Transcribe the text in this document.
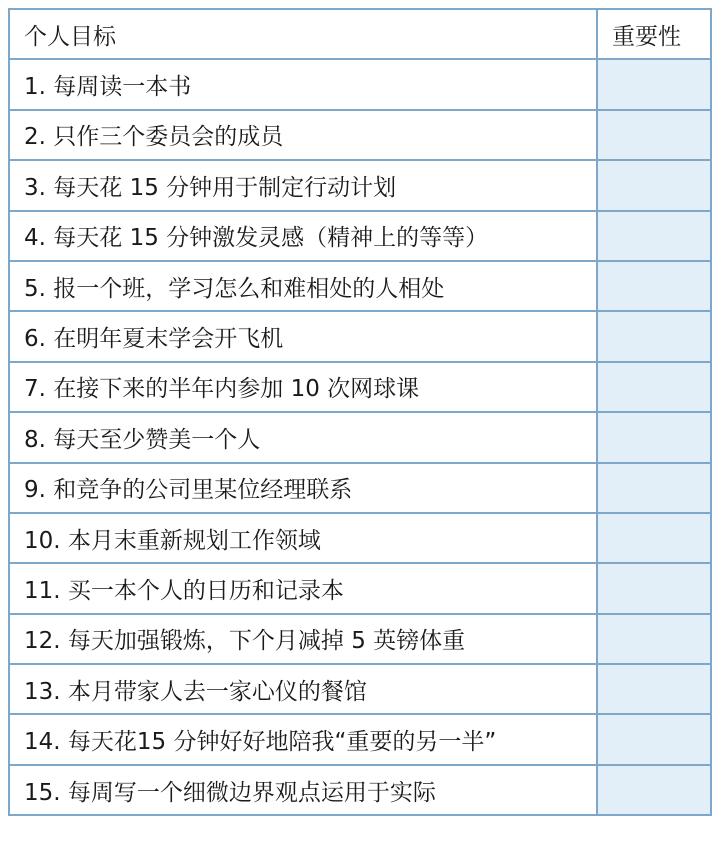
个人目标	重要性
1. 每周读一本书	
2. 只作三个委员会的成员	
3. 每天花 15 分钟用于制定行动计划	
4. 每天花 15 分钟激发灵感（精神上的等等）	
5. 报一个班，学习怎么和难相处的人相处	
6. 在明年夏末学会开飞机	
7. 在接下来的半年内参加 10 次网球课	
8. 每天至少赞美一个人	
9. 和竞争的公司里某位经理联系	
10. 本月末重新规划工作领域	
11. 买一本个人的日历和记录本	
12. 每天加强锻炼，下个月减掉 5 英镑体重	
13. 本月带家人去一家心仪的餐馆	
14. 每天花15 分钟好好地陪我“重要的另一半”	
15. 每周写一个细微边界观点运用于实际	
